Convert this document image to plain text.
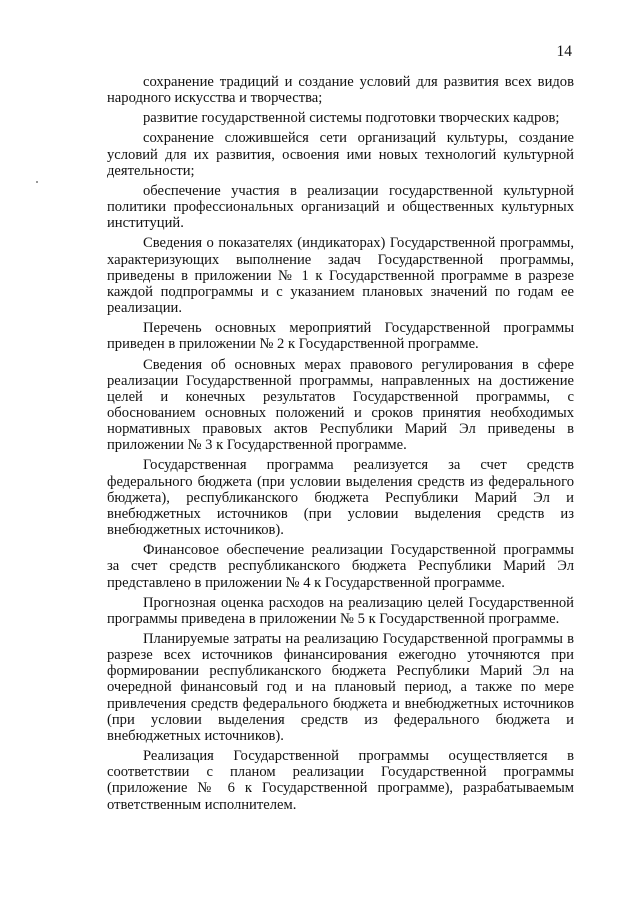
14

сохранение традиций и создание условий для развития всех видов народного искусства и творчества;

развитие государственной системы подготовки творческих кадров;

сохранение сложившейся сети организаций культуры, создание условий для их развития, освоения ими новых технологий культурной деятельности;

обеспечение участия в реализации государственной культурной политики профессиональных организаций и общественных культурных институций.

Сведения о показателях (индикаторах) Государственной программы, характеризующих выполнение задач Государственной программы, приведены в приложении № 1 к Государственной программе в разрезе каждой подпрограммы и с указанием плановых значений по годам ее реализации.

Перечень основных мероприятий Государственной программы приведен в приложении № 2 к Государственной программе.

Сведения об основных мерах правового регулирования в сфере реализации Государственной программы, направленных на достижение целей и конечных результатов Государственной программы, с обоснованием основных положений и сроков принятия необходимых нормативных правовых актов Республики Марий Эл приведены в приложении № 3 к Государственной программе.

Государственная программа реализуется за счет средств федерального бюджета (при условии выделения средств из федерального бюджета), республиканского бюджета Республики Марий Эл и внебюджетных источников (при условии выделения средств из внебюджетных источников).

Финансовое обеспечение реализации Государственной программы за счет средств республиканского бюджета Республики Марий Эл представлено в приложении № 4 к Государственной программе.

Прогнозная оценка расходов на реализацию целей Государственной программы приведена в приложении № 5 к Государственной программе.

Планируемые затраты на реализацию Государственной программы в разрезе всех источников финансирования ежегодно уточняются при формировании республиканского бюджета Республики Марий Эл на очередной финансовый год и на плановый период, а также по мере привлечения средств федерального бюджета и внебюджетных источников (при условии выделения средств из федерального бюджета и внебюджетных источников).

Реализация Государственной программы осуществляется в соответствии с планом реализации Государственной программы (приложение № 6 к Государственной программе), разрабатываемым ответственным исполнителем.
